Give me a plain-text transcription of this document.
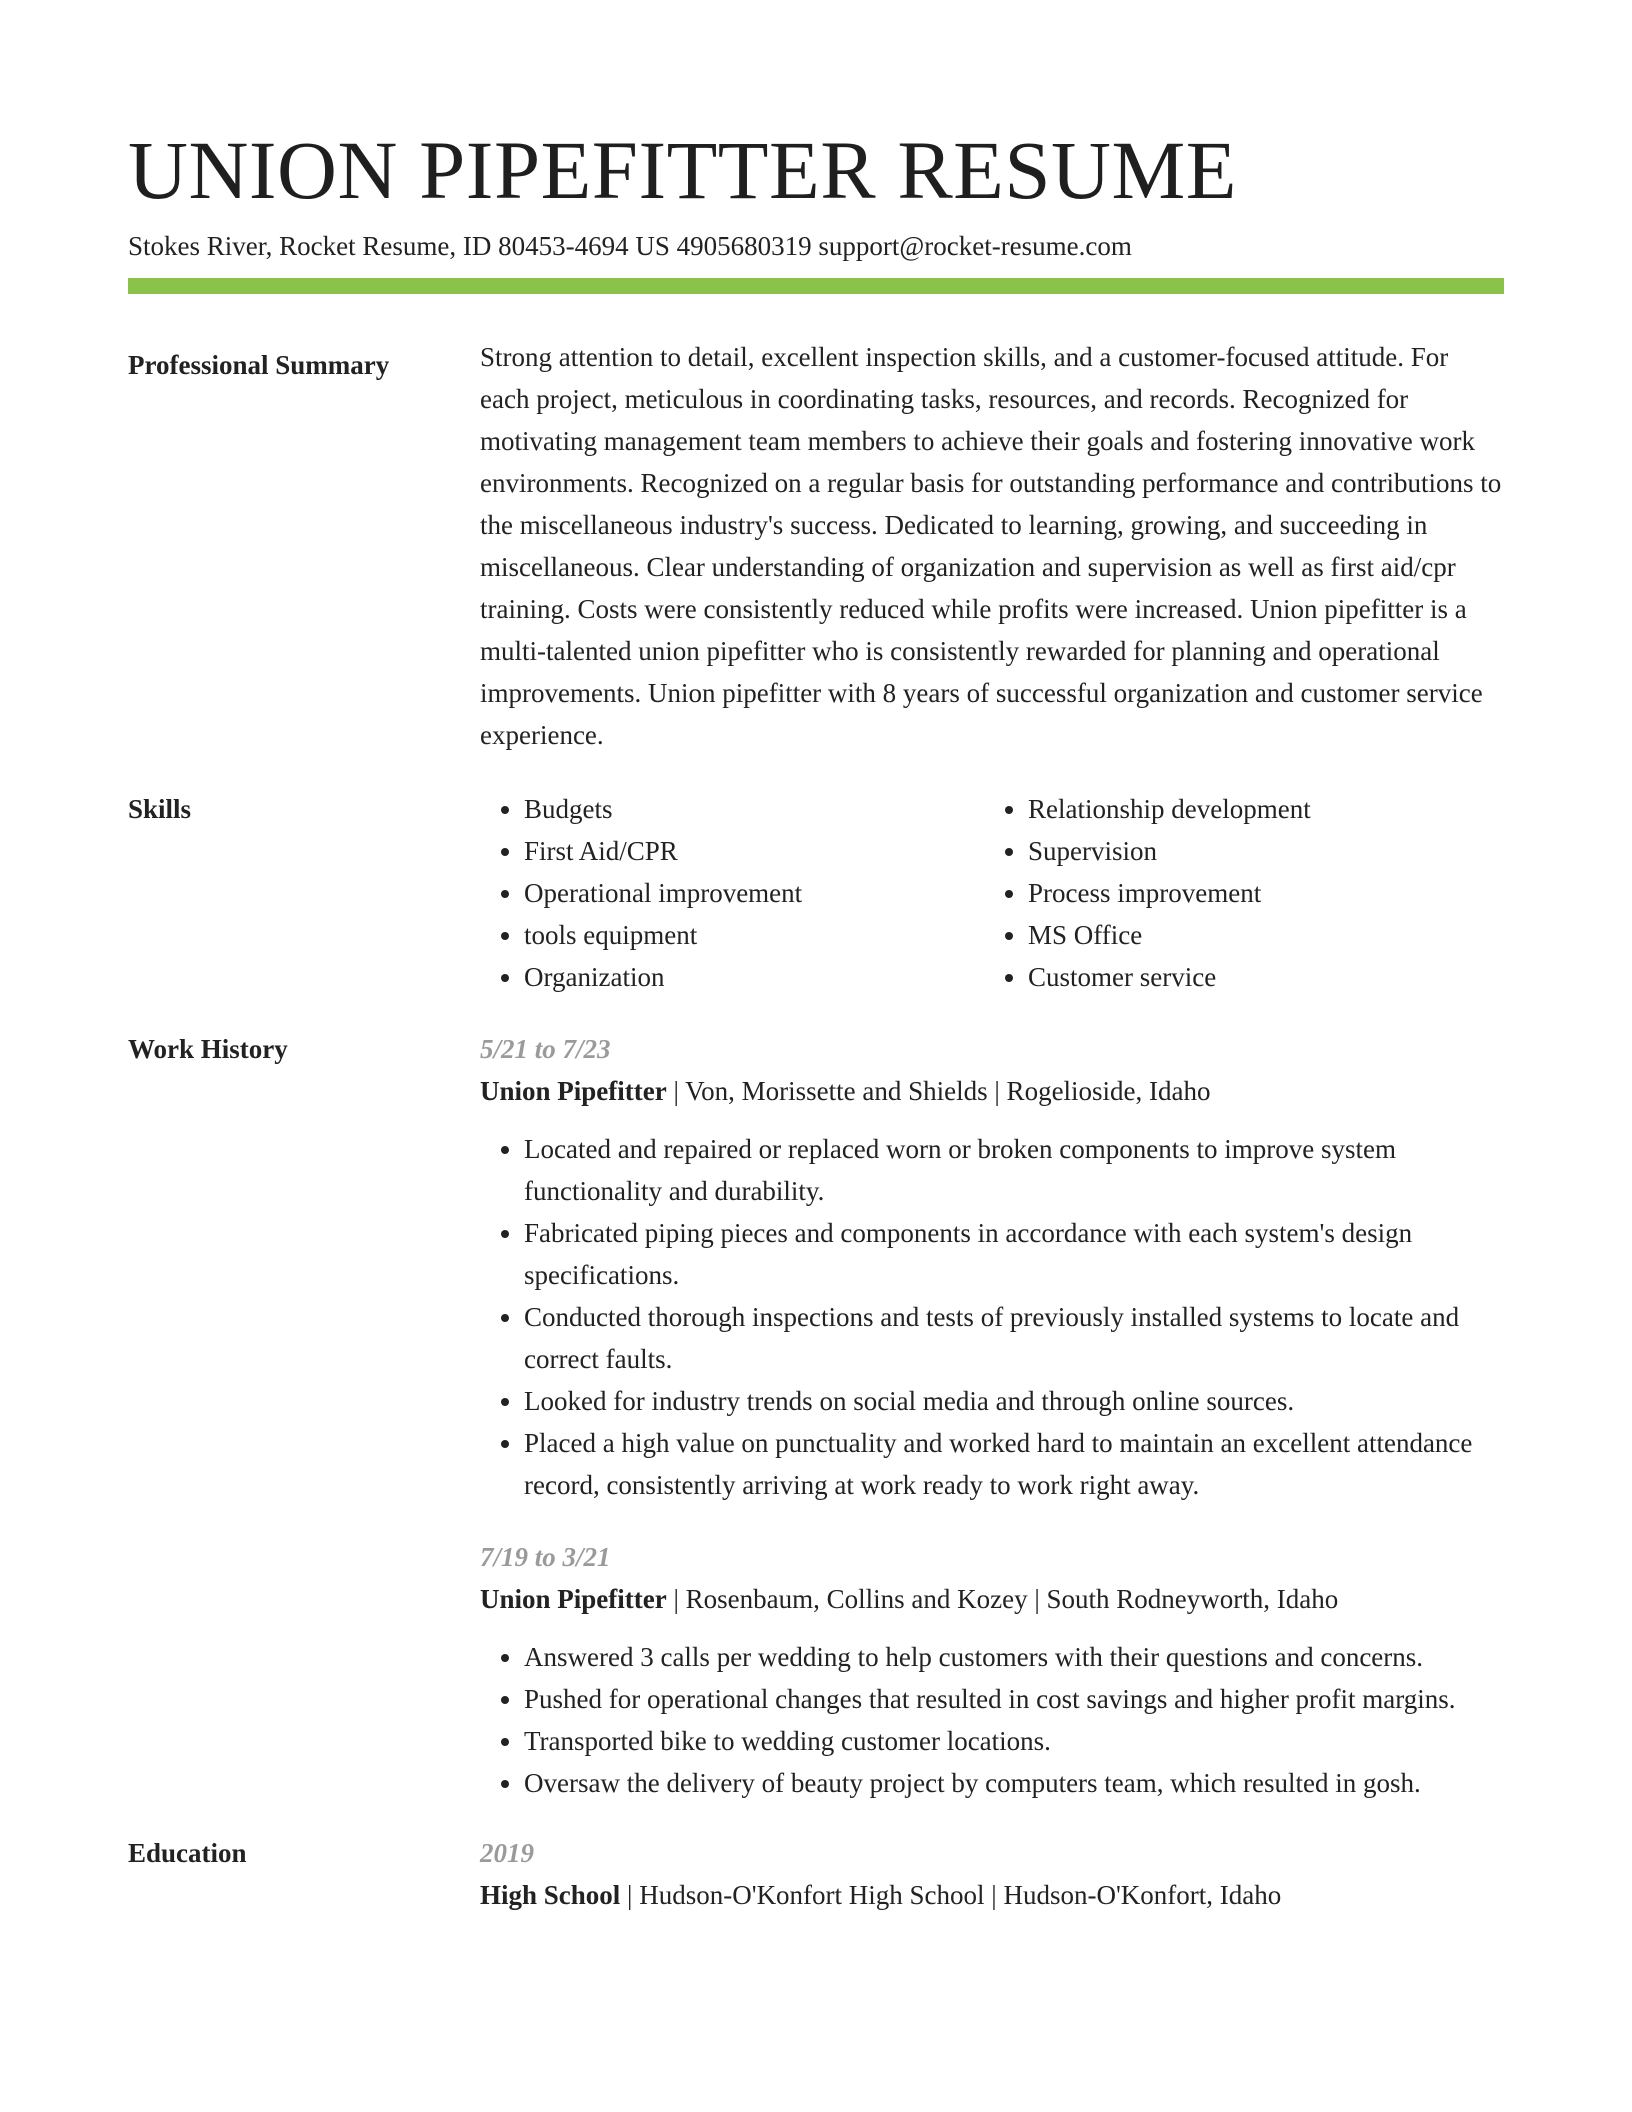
UNION PIPEFITTER RESUME
Stokes River, Rocket Resume, ID 80453-4694 US 4905680319 support@rocket-resume.com
Professional Summary	Strong attention to detail, excellent inspection skills, and a customer-focused attitude. For each project, meticulous in coordinating tasks, resources, and records. Recognized for motivating management team members to achieve their goals and fostering innovative work environments. Recognized on a regular basis for outstanding performance and contributions to the miscellaneous industry's success. Dedicated to learning, growing, and succeeding in miscellaneous. Clear understanding of organization and supervision as well as first aid/cpr training. Costs were consistently reduced while profits were increased. Union pipefitter is a multi-talented union pipefitter who is consistently rewarded for planning and operational improvements. Union pipefitter with 8 years of successful organization and customer service experience.

Skills
•	Budgets
• First Aid/CPR
• Operational improvement
• tools equipment
• Organization
• Relationship development
• Supervision
• Process improvement
• MS Office
• Customer service
Work History	5/21 to 7/23
Union Pipefitter | Von, Morissette and Shields | Rogelioside, Idaho
• Located and repaired or replaced worn or broken components to improve system functionality and durability.
• Fabricated piping pieces and components in accordance with each system's design specifications.
• Conducted thorough inspections and tests of previously installed systems to locate and correct faults.
• Looked for industry trends on social media and through online sources.
• Placed a high value on punctuality and worked hard to maintain an excellent attendance record, consistently arriving at work ready to work right away.
7/19 to 3/21
Union Pipefitter | Rosenbaum, Collins and Kozey | South Rodneyworth, Idaho
• Answered 3 calls per wedding to help customers with their questions and concerns.
• Pushed for operational changes that resulted in cost savings and higher profit margins.
• Transported bike to wedding customer locations.
• Oversaw the delivery of beauty project by computers team, which resulted in gosh.
Education	2019
High School | Hudson-O'Konfort High School | Hudson-O'Konfort, Idaho
